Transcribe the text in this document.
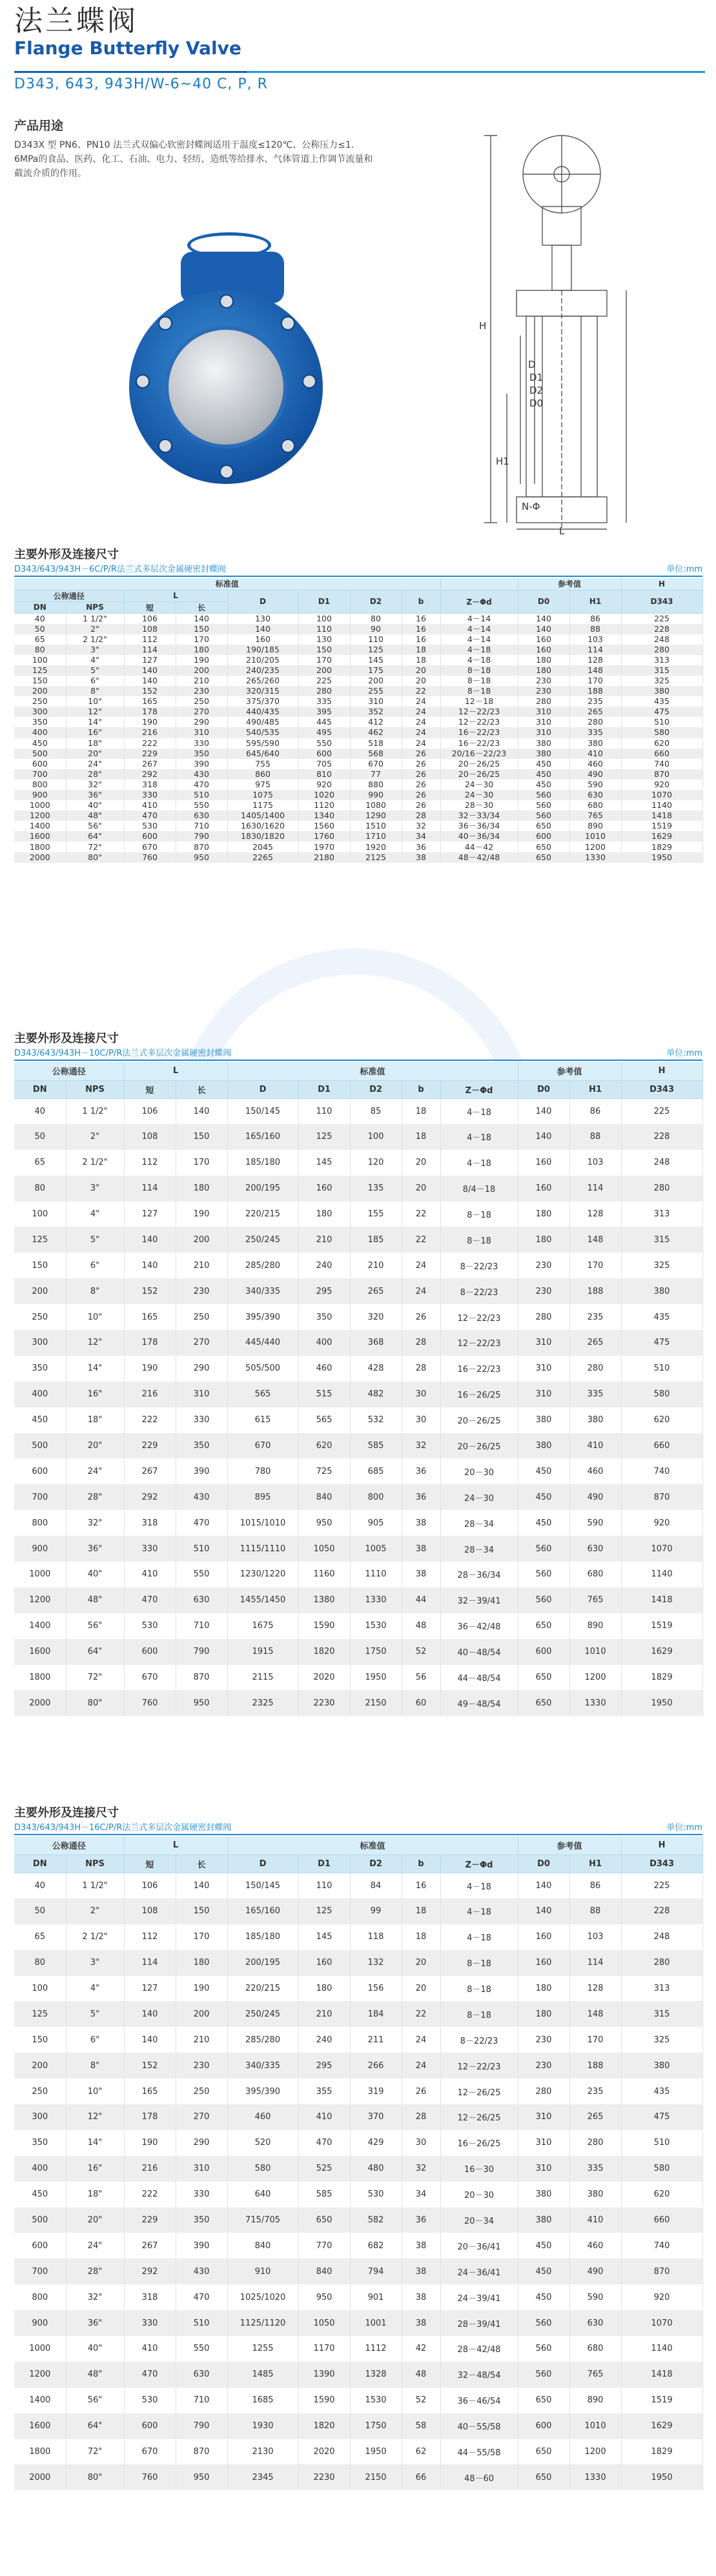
法兰蝶阀
Flange Butterfly Valve
D343, 643, 943H/W-6~40 C, P, R
产品用途
D343X 型 PN6、PN10 法兰式双偏心软密封蝶阀适用于温度≤120℃、公称压力≤1．6MPa的食品、医药、化工、石油、电力、轻纺、造纸等给排水、气体管道上作调节流量和截流介质的作用。
H
H1
D
D1
D2
D0
N-Φ
L
主要外形及连接尺寸
D343/643/943H－6C/P/R法兰式多层次金属硬密封蝶阀	单位:mm
标准值									参考值		H
公称通径		L		D	D1	D2	b	Z－Φd	D0	H1	D343
DN	NPS	短	长								
40	1 1/2"	106	140	130	100	80	16	4－14	140	86	225
50	2"	108	150	140	110	90	16	4－14	140	88	228
65	2 1/2"	112	170	160	130	110	16	4－14	160	103	248
80	3"	114	180	190/185	150	125	18	4－18	160	114	280
100	4"	127	190	210/205	170	145	18	4－18	180	128	313
125	5"	140	200	240/235	200	175	20	8－18	180	148	315
150	6"	140	210	265/260	225	200	20	8－18	230	170	325
200	8"	152	230	320/315	280	255	22	8－18	230	188	380
250	10"	165	250	375/370	335	310	24	12－18	280	235	435
300	12"	178	270	440/435	395	352	24	12－22/23	310	265	475
350	14"	190	290	490/485	445	412	24	12－22/23	310	280	510
400	16"	216	310	540/535	495	462	24	16－22/23	310	335	580
450	18"	222	330	595/590	550	518	24	16－22/23	380	380	620
500	20"	229	350	645/640	600	568	26	20/16－22/23	380	410	660
600	24"	267	390	755	705	670	26	20－26/25	450	460	740
700	28"	292	430	860	810	77	26	20－26/25	450	490	870
800	32"	318	470	975	920	880	26	24－30	450	590	920
900	36"	330	510	1075	1020	990	26	24－30	560	630	1070
1000	40"	410	550	1175	1120	1080	26	28－30	560	680	1140
1200	48"	470	630	1405/1400	1340	1290	28	32－33/34	560	765	1418
1400	56"	530	710	1630/1620	1560	1510	32	36－36/34	650	890	1519
1600	64"	600	790	1830/1820	1760	1710	34	40－36/34	600	1010	1629
1800	72"	670	870	2045	1970	1920	36	44－42	650	1200	1829
2000	80"	760	950	2265	2180	2125	38	48－42/48	650	1330	1950
主要外形及连接尺寸
D343/643/943H－10C/P/R法兰式多层次金属硬密封蝶阀	单位:mm
公称通径		L		标准值					参考值		H
DN	NPS			D	D1	D2	b	Z－Φd	D0	H1	D343
		短	长								
40	1 1/2"	106	140	150/145	110	85	18	4－18	140	86	225
50	2"	108	150	165/160	125	100	18	4－18	140	88	228
65	2 1/2"	112	170	185/180	145	120	20	4－18	160	103	248
80	3"	114	180	200/195	160	135	20	8/4－18	160	114	280
100	4"	127	190	220/215	180	155	22	8－18	180	128	313
125	5"	140	200	250/245	210	185	22	8－18	180	148	315
150	6"	140	210	285/280	240	210	24	8－22/23	230	170	325
200	8"	152	230	340/335	295	265	24	8－22/23	230	188	380
250	10"	165	250	395/390	350	320	26	12－22/23	280	235	435
300	12"	178	270	445/440	400	368	28	12－22/23	310	265	475
350	14"	190	290	505/500	460	428	28	16－22/23	310	280	510
400	16"	216	310	565	515	482	30	16－26/25	310	335	580
450	18"	222	330	615	565	532	30	20－26/25	380	380	620
500	20"	229	350	670	620	585	32	20－26/25	380	410	660
600	24"	267	390	780	725	685	36	20－30	450	460	740
700	28"	292	430	895	840	800	36	24－30	450	490	870
800	32"	318	470	1015/1010	950	905	38	28－34	450	590	920
900	36"	330	510	1115/1110	1050	1005	38	28－34	560	630	1070
1000	40"	410	550	1230/1220	1160	1110	38	28－36/34	560	680	1140
1200	48"	470	630	1455/1450	1380	1330	44	32－39/41	560	765	1418
1400	56"	530	710	1675	1590	1530	48	36－42/48	650	890	1519
1600	64"	600	790	1915	1820	1750	52	40－48/54	600	1010	1629
1800	72"	670	870	2115	2020	1950	56	44－48/54	650	1200	1829
2000	80"	760	950	2325	2230	2150	60	49－48/54	650	1330	1950
主要外形及连接尺寸
D343/643/943H－16C/P/R法兰式多层次金属硬密封蝶阀	单位:mm
公称通径		L		标准值					参考值		H
DN	NPS			D	D1	D2	b	Z－Φd	D0	H1	D343
		短	长								
40	1 1/2"	106	140	150/145	110	84	16	4－18	140	86	225
50	2"	108	150	165/160	125	99	18	4－18	140	88	228
65	2 1/2"	112	170	185/180	145	118	18	4－18	160	103	248
80	3"	114	180	200/195	160	132	20	8－18	160	114	280
100	4"	127	190	220/215	180	156	20	8－18	180	128	313
125	5"	140	200	250/245	210	184	22	8－18	180	148	315
150	6"	140	210	285/280	240	211	24	8－22/23	230	170	325
200	8"	152	230	340/335	295	266	24	12－22/23	230	188	380
250	10"	165	250	395/390	355	319	26	12－26/25	280	235	435
300	12"	178	270	460	410	370	28	12－26/25	310	265	475
350	14"	190	290	520	470	429	30	16－26/25	310	280	510
400	16"	216	310	580	525	480	32	16－30	310	335	580
450	18"	222	330	640	585	530	34	20－30	380	380	620
500	20"	229	350	715/705	650	582	36	20－34	380	410	660
600	24"	267	390	840	770	682	38	20－36/41	450	460	740
700	28"	292	430	910	840	794	38	24－36/41	450	490	870
800	32"	318	470	1025/1020	950	901	38	24－39/41	450	590	920
900	36"	330	510	1125/1120	1050	1001	38	28－39/41	560	630	1070
1000	40"	410	550	1255	1170	1112	42	28－42/48	560	680	1140
1200	48"	470	630	1485	1390	1328	48	32－48/54	560	765	1418
1400	56"	530	710	1685	1590	1530	52	36－46/54	650	890	1519
1600	64"	600	790	1930	1820	1750	58	40－55/58	600	1010	1629
1800	72"	670	870	2130	2020	1950	62	44－55/58	650	1200	1829
2000	80"	760	950	2345	2230	2150	66	48－60	650	1330	1950
